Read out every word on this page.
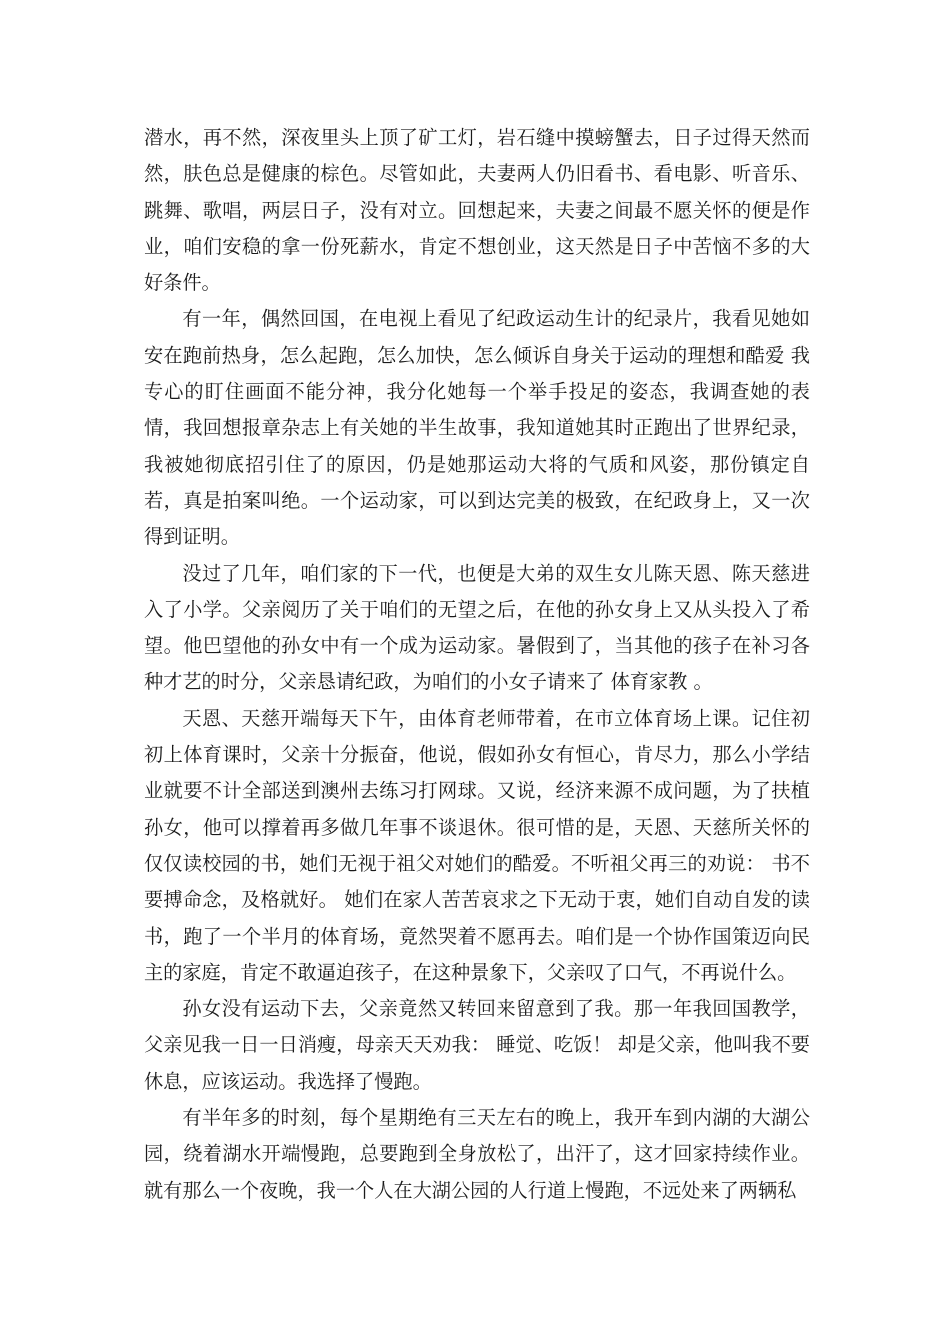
潜水，再不然，深夜里头上顶了矿工灯，岩石缝中摸螃蟹去，日子过得天然而然，肤色总是健康的棕色。尽管如此，夫妻两人仍旧看书、看电影、听音乐、跳舞、歌唱，两层日子，没有对立。回想起来，夫妻之间最不愿关怀的便是作业，咱们安稳的拿一份死薪水，肯定不想创业，这天然是日子中苦恼不多的大好条件。

有一年，偶然回国，在电视上看见了纪政运动生计的纪录片，我看见她如安在跑前热身，怎么起跑，怎么加快，怎么倾诉自身关于运动的理想和酷爱 我专心的盯住画面不能分神，我分化她每一个举手投足的姿态，我调查她的表情，我回想报章杂志上有关她的半生故事，我知道她其时正跑出了世界纪录，我被她彻底招引住了的原因，仍是她那运动大将的气质和风姿，那份镇定自若，真是拍案叫绝。一个运动家，可以到达完美的极致，在纪政身上，又一次得到证明。

没过了几年，咱们家的下一代，也便是大弟的双生女儿陈天恩、陈天慈进入了小学。父亲阅历了关于咱们的无望之后，在他的孙女身上又从头投入了希望。他巴望他的孙女中有一个成为运动家。暑假到了，当其他的孩子在补习各种才艺的时分，父亲恳请纪政，为咱们的小女子请来了 体育家教 。

天恩、天慈开端每天下午，由体育老师带着，在市立体育场上课。记住初初上体育课时，父亲十分振奋，他说，假如孙女有恒心，肯尽力，那么小学结业就要不计全部送到澳州去练习打网球。又说，经济来源不成问题，为了扶植孙女，他可以撑着再多做几年事不谈退休。很可惜的是，天恩、天慈所关怀的仅仅读校园的书，她们无视于祖父对她们的酷爱。不听祖父再三的劝说： 书不要搏命念，及格就好。 她们在家人苦苦哀求之下无动于衷，她们自动自发的读书，跑了一个半月的体育场，竟然哭着不愿再去。咱们是一个协作国策迈向民主的家庭，肯定不敢逼迫孩子，在这种景象下，父亲叹了口气，不再说什么。

孙女没有运动下去，父亲竟然又转回来留意到了我。那一年我回国教学，父亲见我一日一日消瘦，母亲天天劝我： 睡觉、吃饭！ 却是父亲，他叫我不要休息，应该运动。我选择了慢跑。

有半年多的时刻，每个星期绝有三天左右的晚上，我开车到内湖的大湖公园，绕着湖水开端慢跑，总要跑到全身放松了，出汗了，这才回家持续作业。就有那么一个夜晚，我一个人在大湖公园的人行道上慢跑，不远处来了两辆私
